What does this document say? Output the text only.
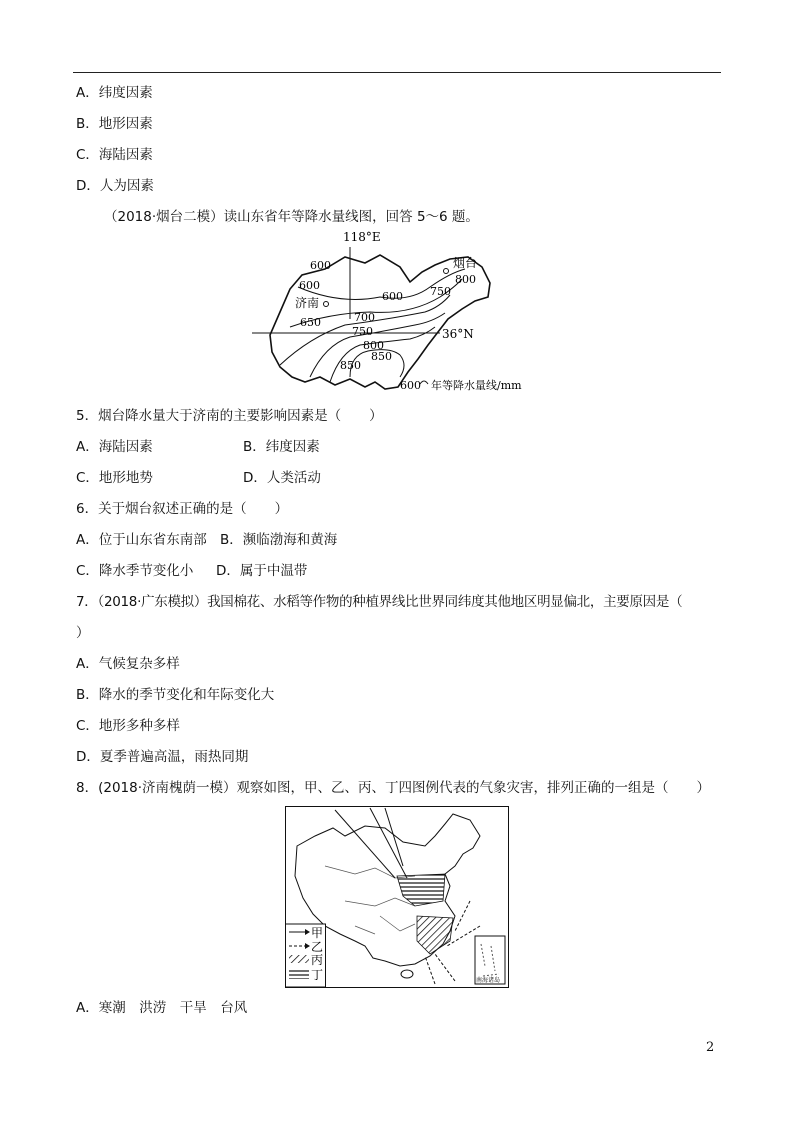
A．纬度因素
B．地形因素
C．海陆因素
D．人为因素
（2018·烟台二模）读山东省年等降水量线图，回答 5～6 题。
118°E
36°N
济南
烟台
600
600
600
650	700
750
750
800
800
850
850
600 年等降水量线/mm
5．烟台降水量大于济南的主要影响因素是（ ）
A．海陆因素	B．纬度因素
C．地形地势	D．人类活动
6．关于烟台叙述正确的是（ ）
A．位于山东省东南部 B．濒临渤海和黄海
C．降水季节变化小 D．属于中温带
7．（2018·广东模拟）我国棉花、水稻等作物的种植界线比世界同纬度其他地区明显偏北，主要原因是（
）
A．气候复杂多样
B．降水的季节变化和年际变化大
C．地形多种多样
D．夏季普遍高温，雨热同期
8．(2018·济南槐荫一模）观察如图，甲、乙、丙、丁四图例代表的气象灾害，排列正确的一组是（ ）
甲
乙
丙
丁	南海诸岛
A．寒潮　洪涝　干旱　台风
2
